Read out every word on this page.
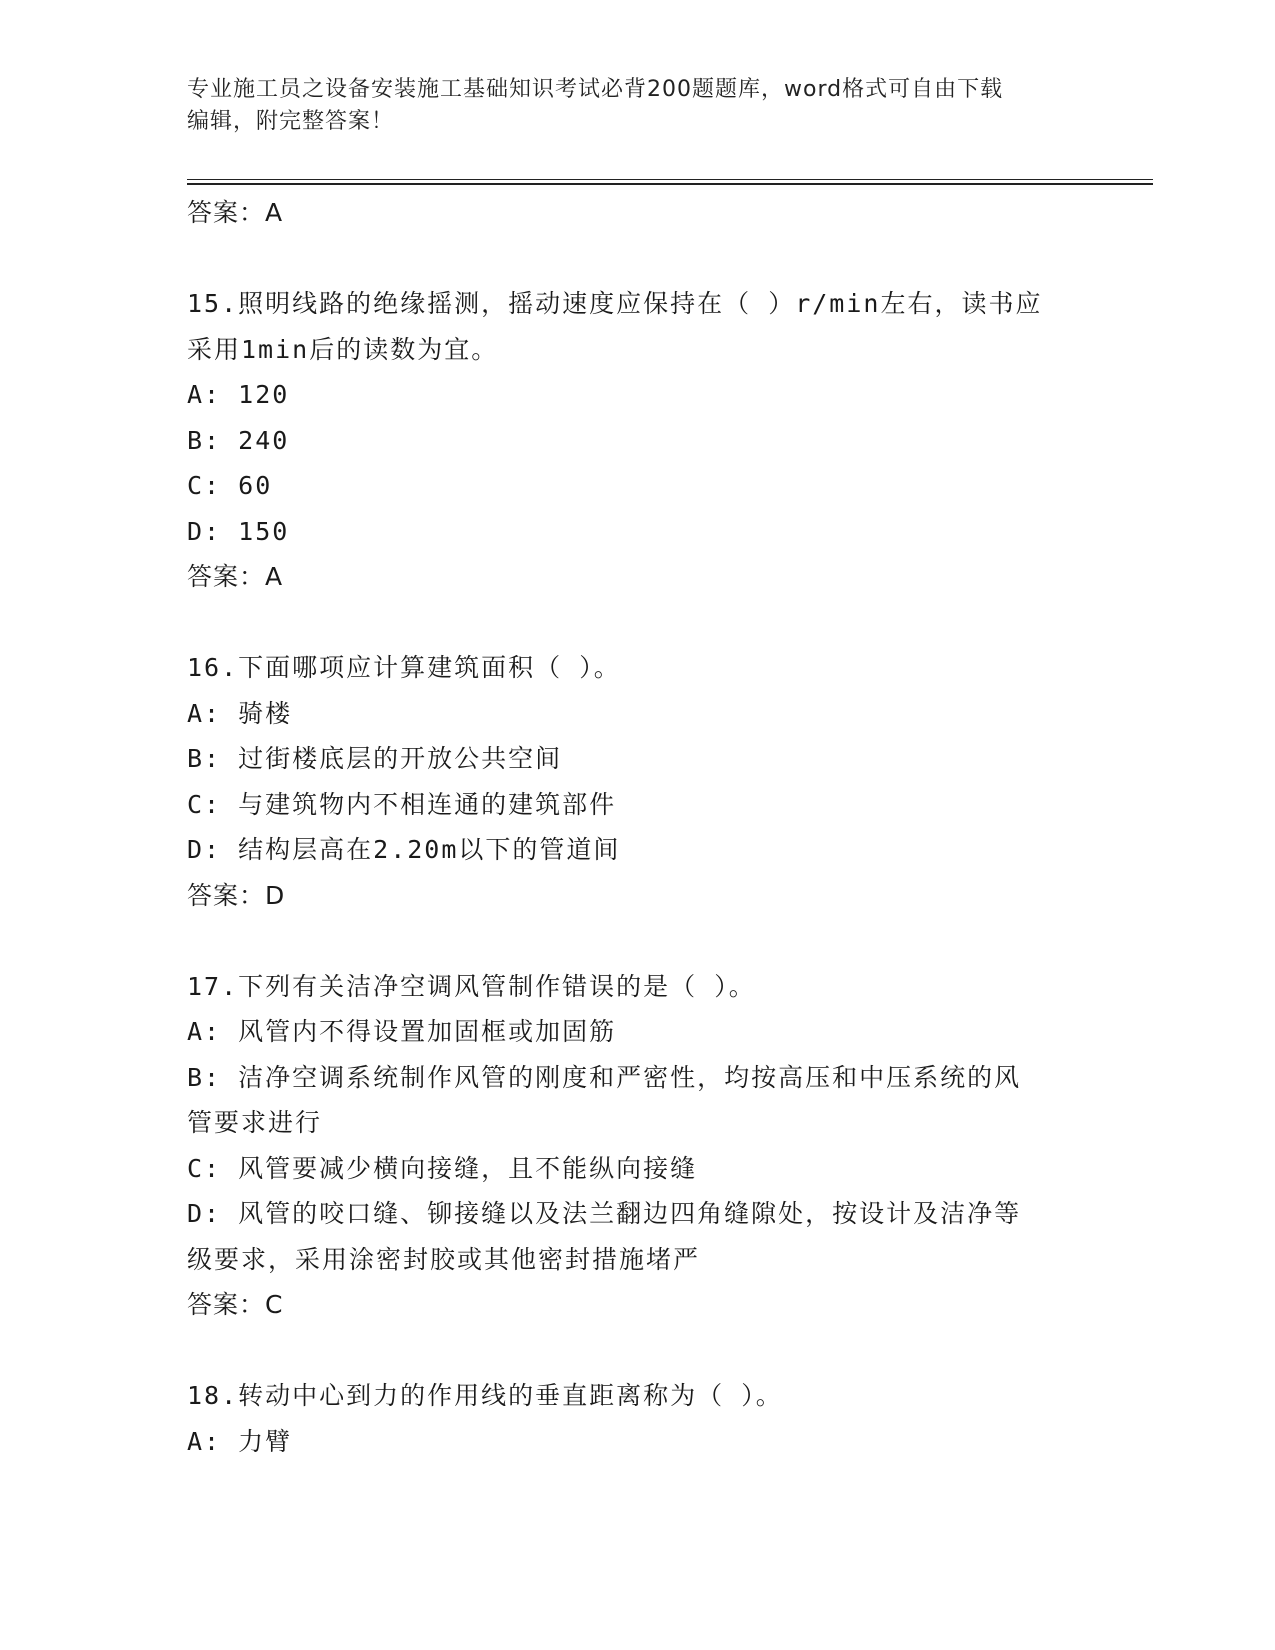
专业施工员之设备安装施工基础知识考试必背200题题库，word格式可自由下载
编辑，附完整答案！
答案：A
15.照明线路的绝缘摇测，摇动速度应保持在（ ）r/min左右，读书应
采用1min后的读数为宜。
A: 120
B: 240
C: 60
D: 150
答案：A
16.下面哪项应计算建筑面积（ ）。
A: 骑楼
B: 过街楼底层的开放公共空间
C: 与建筑物内不相连通的建筑部件
D: 结构层高在2.20m以下的管道间
答案：D
17.下列有关洁净空调风管制作错误的是（ ）。
A: 风管内不得设置加固框或加固筋
B: 洁净空调系统制作风管的刚度和严密性，均按高压和中压系统的风
管要求进行
C: 风管要减少横向接缝，且不能纵向接缝
D: 风管的咬口缝、铆接缝以及法兰翻边四角缝隙处，按设计及洁净等
级要求，采用涂密封胶或其他密封措施堵严
答案：C
18.转动中心到力的作用线的垂直距离称为（ ）。
A: 力臂
